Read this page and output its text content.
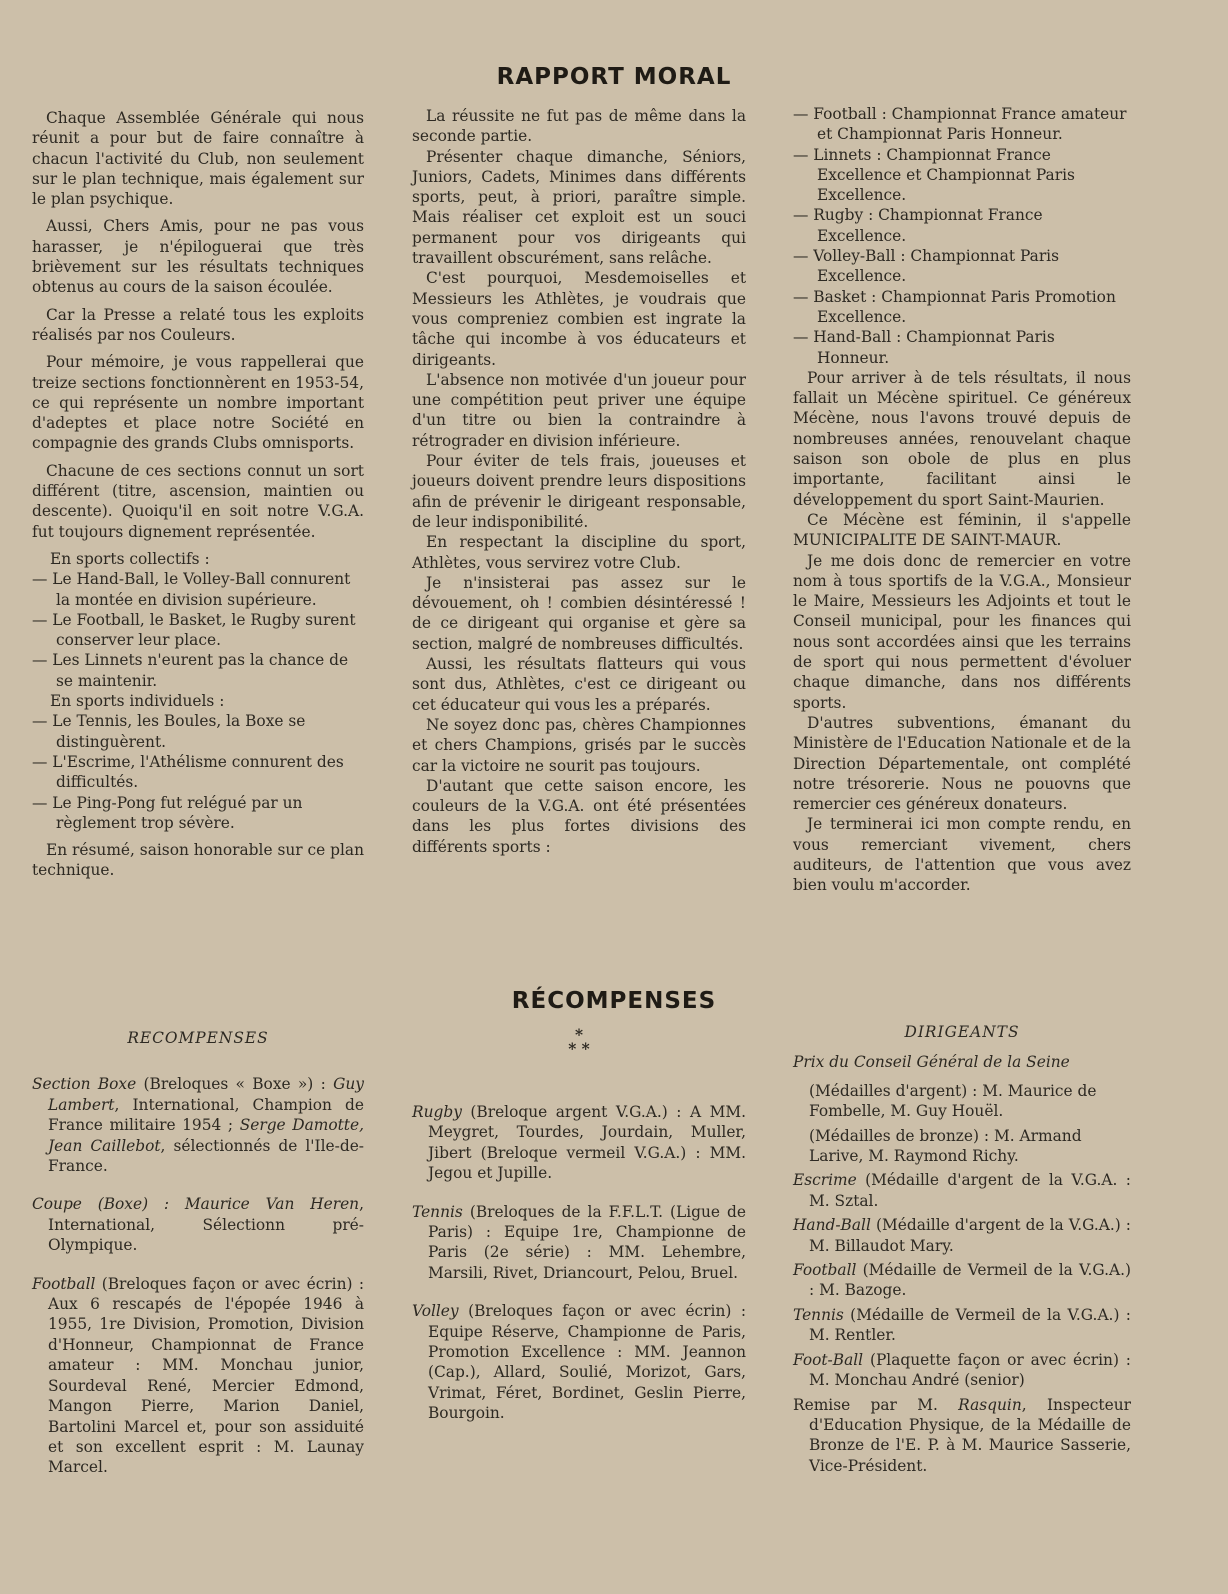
RAPPORT MORAL

Chaque Assemblée Générale qui nous réunit a pour but de faire connaître à chacun l'activité du Club, non seulement sur le plan technique, mais également sur le plan psychique.

Aussi, Chers Amis, pour ne pas vous harasser, je n'épiloguerai que très brièvement sur les résultats techniques obtenus au cours de la saison écoulée.

Car la Presse a relaté tous les exploits réalisés par nos Couleurs.

Pour mémoire, je vous rappellerai que treize sections fonctionnèrent en 1953-54, ce qui représente un nombre important d'adeptes et place notre Société en compagnie des grands Clubs omnisports.

Chacune de ces sections connut un sort différent (titre, ascension, maintien ou descente). Quoiqu'il en soit notre V.G.A. fut toujours dignement représentée.

En sports collectifs :
— Le Hand-Ball, le Volley-Ball connurent la montée en division supérieure.
— Le Football, le Basket, le Rugby surent conserver leur place.
— Les Linnets n'eurent pas la chance de se maintenir.
En sports individuels :
— Le Tennis, les Boules, la Boxe se distinguèrent.
— L'Escrime, l'Athélisme connurent des difficultés.
— Le Ping-Pong fut relégué par un règlement trop sévère.

En résumé, saison honorable sur ce plan technique.

La réussite ne fut pas de même dans la seconde partie.

Présenter chaque dimanche, Séniors, Juniors, Cadets, Minimes dans différents sports, peut, à priori, paraître simple. Mais réaliser cet exploit est un souci permanent pour vos dirigeants qui travaillent obscurément, sans relâche.

C'est pourquoi, Mesdemoiselles et Messieurs les Athlètes, je voudrais que vous compreniez combien est ingrate la tâche qui incombe à vos éducateurs et dirigeants.

L'absence non motivée d'un joueur pour une compétition peut priver une équipe d'un titre ou bien la contraindre à rétrograder en division inférieure.

Pour éviter de tels frais, joueuses et joueurs doivent prendre leurs dispositions afin de prévenir le dirigeant responsable, de leur indisponibilité.

En respectant la discipline du sport, Athlètes, vous servirez votre Club.

Je n'insisterai pas assez sur le dévouement, oh ! combien désintéressé ! de ce dirigeant qui organise et gère sa section, malgré de nombreuses difficultés.

Aussi, les résultats flatteurs qui vous sont dus, Athlètes, c'est ce dirigeant ou cet éducateur qui vous les a préparés.

Ne soyez donc pas, chères Championnes et chers Champions, grisés par le succès car la victoire ne sourit pas toujours.

D'autant que cette saison encore, les couleurs de la V.G.A. ont été présentées dans les plus fortes divisions des différents sports :

— Football : Championnat France amateur et Championnat Paris Honneur.
— Linnets : Championnat France Excellence et Championnat Paris Excellence.
— Rugby : Championnat France Excellence.
— Volley-Ball : Championnat Paris Excellence.
— Basket : Championnat Paris Promotion Excellence.
— Hand-Ball : Championnat Paris Honneur.

Pour arriver à de tels résultats, il nous fallait un Mécène spirituel. Ce généreux Mécène, nous l'avons trouvé depuis de nombreuses années, renouvelant chaque saison son obole de plus en plus importante, facilitant ainsi le développement du sport Saint-Maurien.

Ce Mécène est féminin, il s'appelle MUNICIPALITE DE SAINT-MAUR.

Je me dois donc de remercier en votre nom à tous sportifs de la V.G.A., Monsieur le Maire, Messieurs les Adjoints et tout le Conseil municipal, pour les finances qui nous sont accordées ainsi que les terrains de sport qui nous permettent d'évoluer chaque dimanche, dans nos différents sports.

D'autres subventions, émanant du Ministère de l'Education Nationale et de la Direction Départementale, ont complété notre trésorerie. Nous ne pouovns que remercier ces généreux donateurs.

Je terminerai ici mon compte rendu, en vous remerciant vivement, chers auditeurs, de l'attention que vous avez bien voulu m'accorder.

RÉCOMPENSES
RECOMPENSES
Section Boxe (Breloques « Boxe ») : Guy Lambert, International, Champion de France militaire 1954 ; Serge Damotte, Jean Caillebot, sélectionnés de l'Ile-de-France.
Coupe (Boxe) : Maurice Van Heren, International, Sélectionn pré-Olympique.
Football (Breloques façon or avec écrin) : Aux 6 rescapés de l'épopée 1946 à 1955, 1re Division, Promotion, Division d'Honneur, Championnat de France amateur : MM. Monchau junior, Sourdeval René, Mercier Edmond, Mangon Pierre, Marion Daniel, Bartolini Marcel et, pour son assiduité et son excellent esprit : M. Launay Marcel.
*
* *
Rugby (Breloque argent V.G.A.) : A MM. Meygret, Tourdes, Jourdain, Muller, Jibert (Breloque vermeil V.G.A.) : MM. Jegou et Jupille.
Tennis (Breloques de la F.F.L.T. (Ligue de Paris) : Equipe 1re, Championne de Paris (2e série) : MM. Lehembre, Marsili, Rivet, Driancourt, Pelou, Bruel.
Volley (Breloques façon or avec écrin) : Equipe Réserve, Championne de Paris, Promotion Excellence : MM. Jeannon (Cap.), Allard, Soulié, Morizot, Gars, Vrimat, Féret, Bordinet, Geslin Pierre, Bourgoin.
DIRIGEANTS
Prix du Conseil Général de la Seine
(Médailles d'argent) : M. Maurice de Fombelle, M. Guy Houël.
(Médailles de bronze) : M. Armand Larive, M. Raymond Richy.
Escrime (Médaille d'argent de la V.G.A. : M. Sztal.
Hand-Ball (Médaille d'argent de la V.G.A.) : M. Billaudot Mary.
Football (Médaille de Vermeil de la V.G.A.) : M. Bazoge.
Tennis (Médaille de Vermeil de la V.G.A.) : M. Rentler.
Foot-Ball (Plaquette façon or avec écrin) : M. Monchau André (senior)
Remise par M. Rasquin, Inspecteur d'Education Physique, de la Médaille de Bronze de l'E. P. à M. Maurice Sasserie, Vice-Président.
